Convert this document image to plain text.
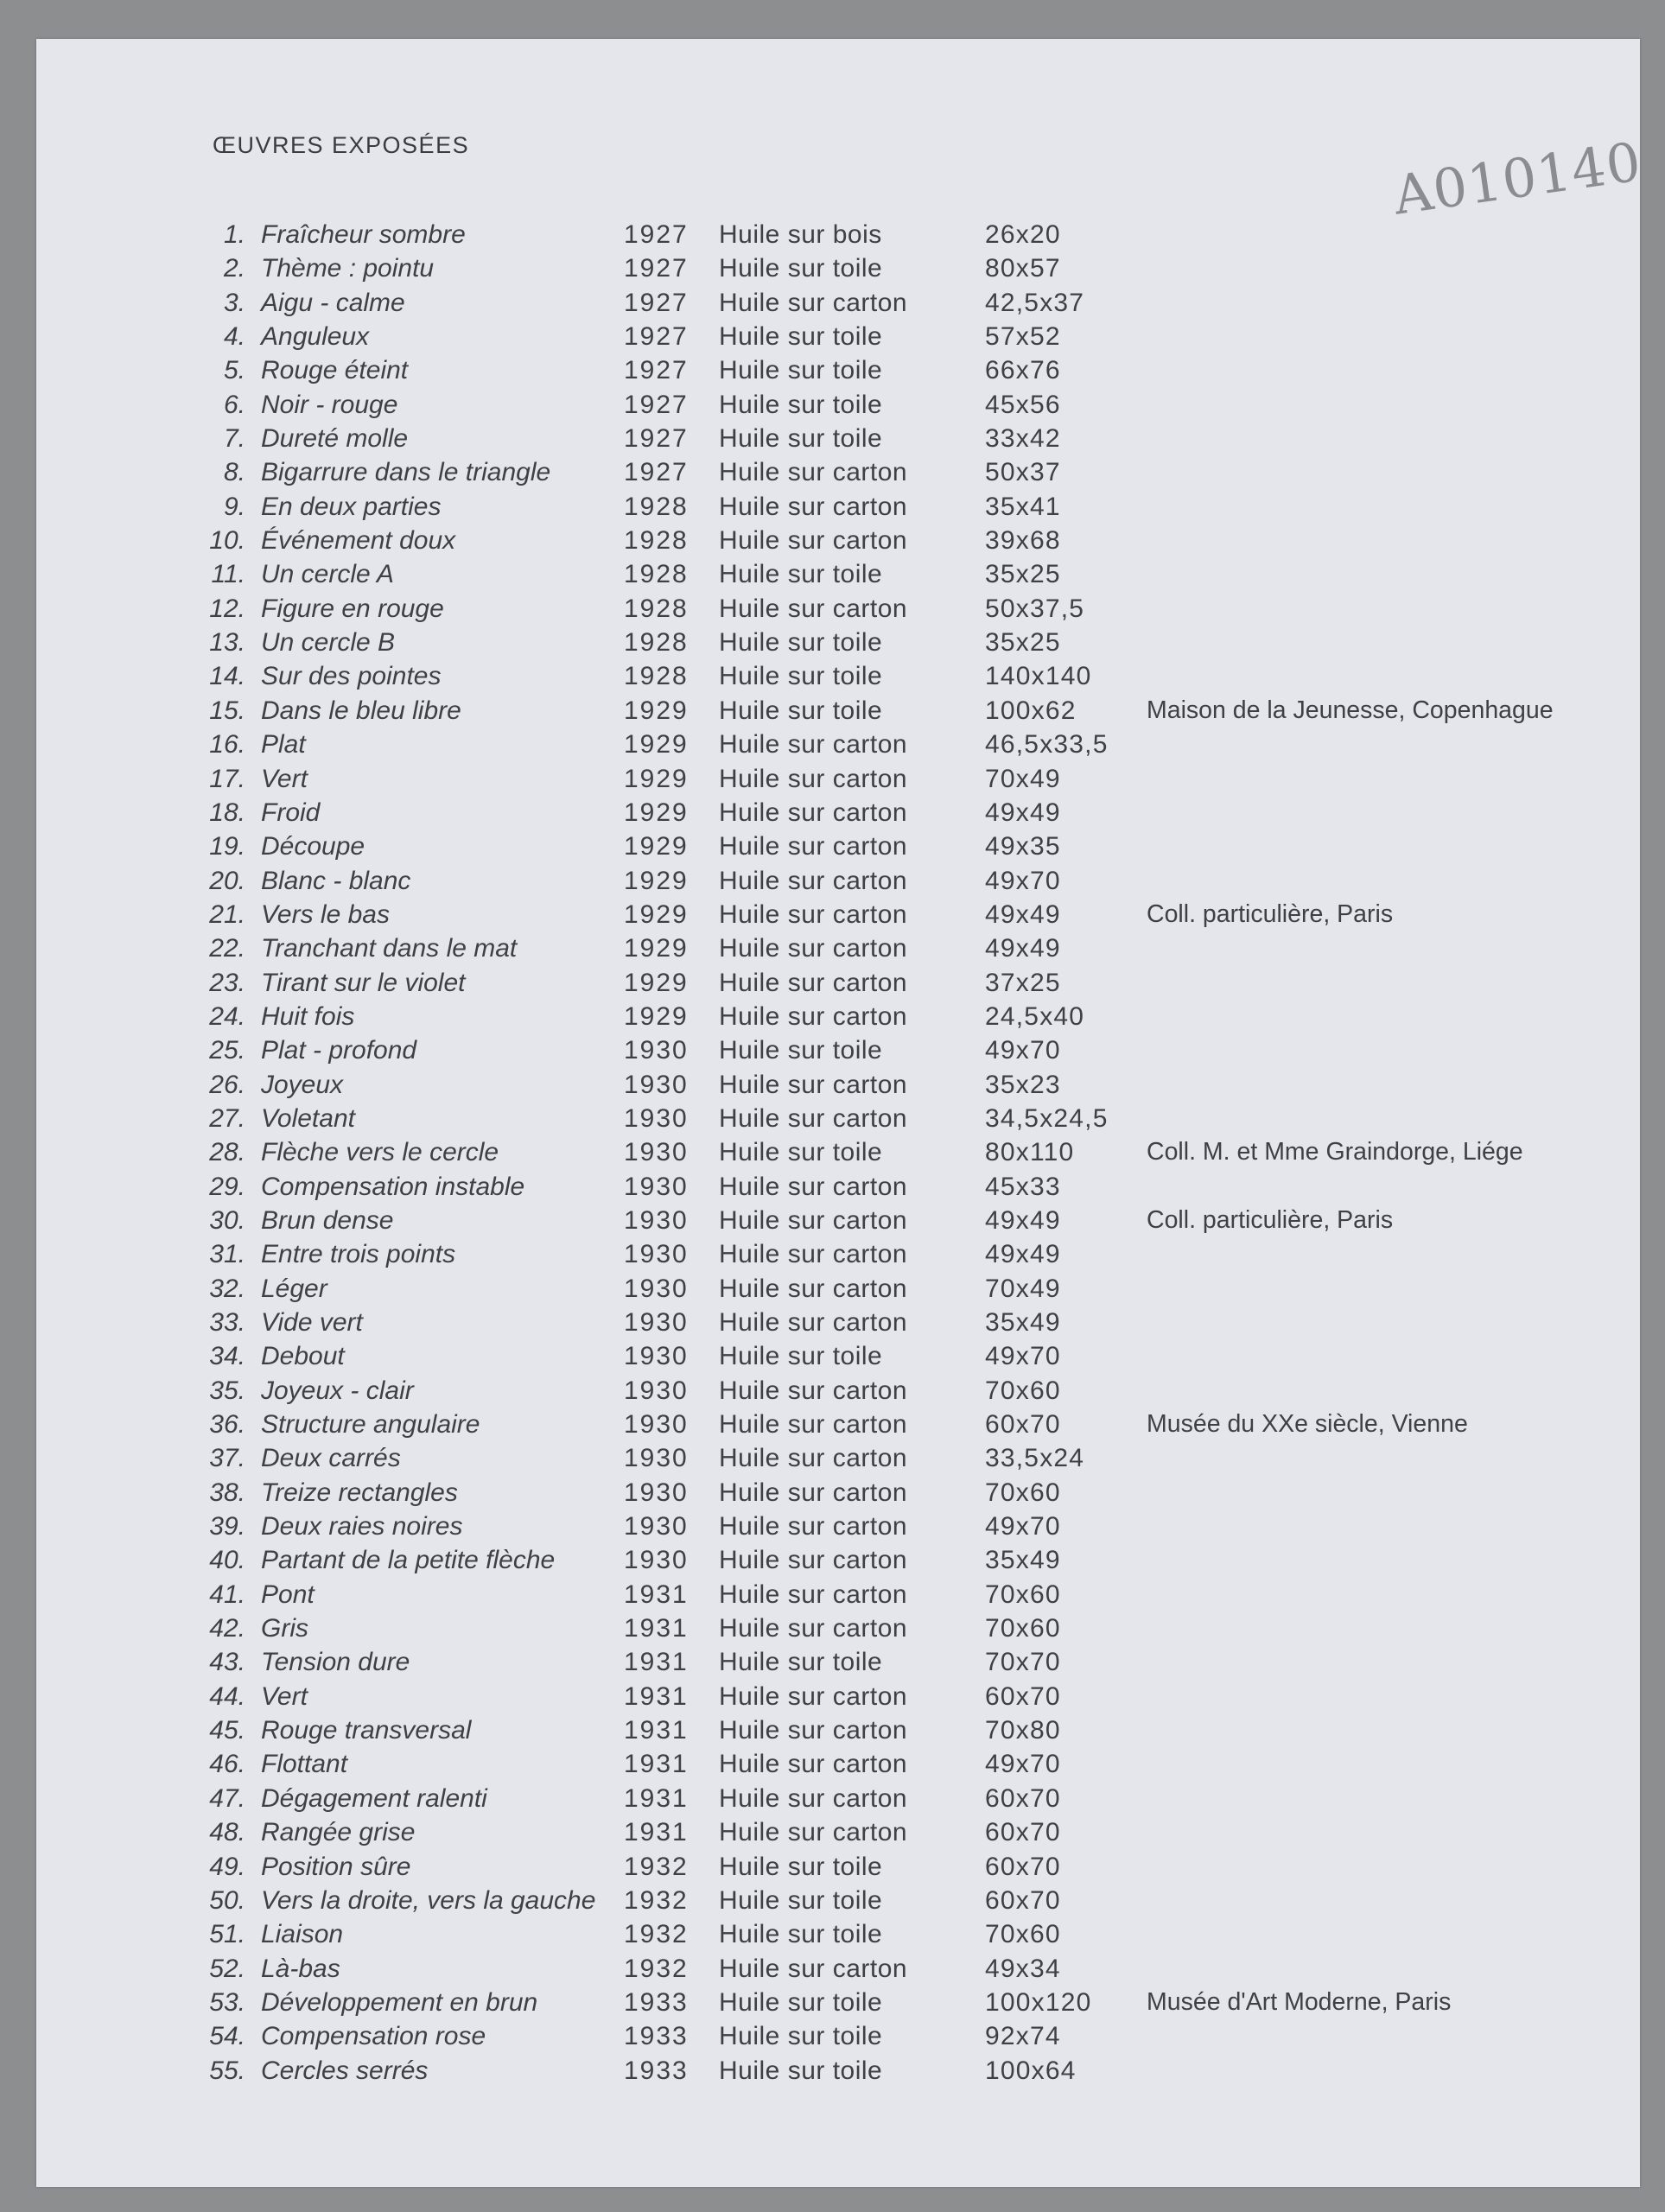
ŒUVRES EXPOSÉES	A010140
1. Fraîcheur sombre	1927 Huile sur bois	26x20
2. Thème : pointu	1927 Huile sur toile	80x57
3. Aigu - calme	1927 Huile sur carton	42,5x37
4. Anguleux	1927 Huile sur toile	57x52
5. Rouge éteint	1927 Huile sur toile	66x76
6. Noir - rouge	1927 Huile sur toile	45x56
7. Dureté molle	1927 Huile sur toile	33x42
8. Bigarrure dans le triangle	1927 Huile sur carton	50x37
9. En deux parties	1928 Huile sur carton	35x41
10. Événement doux	1928 Huile sur carton	39x68
11. Un cercle A	1928 Huile sur toile	35x25
12. Figure en rouge	1928 Huile sur carton	50x37,5
13. Un cercle B	1928 Huile sur toile	35x25
14. Sur des pointes	1928 Huile sur toile	140x140
15. Dans le bleu libre	1929 Huile sur toile	100x62	Maison de la Jeunesse, Copenhague
16. Plat	1929 Huile sur carton	46,5x33,5
17. Vert	1929 Huile sur carton	70x49
18. Froid	1929 Huile sur carton	49x49
19. Découpe	1929 Huile sur carton	49x35
20. Blanc - blanc	1929 Huile sur carton	49x70
21. Vers le bas	1929 Huile sur carton	49x49	Coll. particulière, Paris
22. Tranchant dans le mat	1929 Huile sur carton	49x49
23. Tirant sur le violet	1929 Huile sur carton	37x25
24. Huit fois	1929 Huile sur carton	24,5x40
25. Plat - profond	1930 Huile sur toile	49x70
26. Joyeux	1930 Huile sur carton	35x23
27. Voletant	1930 Huile sur carton	34,5x24,5
28. Flèche vers le cercle	1930 Huile sur toile	80x110	Coll. M. et Mme Graindorge, Liége
29. Compensation instable	1930 Huile sur carton	45x33
30. Brun dense	1930 Huile sur carton	49x49	Coll. particulière, Paris
31. Entre trois points	1930 Huile sur carton	49x49
32. Léger	1930 Huile sur carton	70x49
33. Vide vert	1930 Huile sur carton	35x49
34. Debout	1930 Huile sur toile	49x70
35. Joyeux - clair	1930 Huile sur carton	70x60
36. Structure angulaire	1930 Huile sur carton	60x70	Musée du XXe siècle, Vienne
37. Deux carrés	1930 Huile sur carton	33,5x24
38. Treize rectangles	1930 Huile sur carton	70x60
39. Deux raies noires	1930 Huile sur carton	49x70
40. Partant de la petite flèche	1930 Huile sur carton	35x49
41. Pont	1931 Huile sur carton	70x60
42. Gris	1931 Huile sur carton	70x60
43. Tension dure	1931 Huile sur toile	70x70
44. Vert	1931 Huile sur carton	60x70
45. Rouge transversal	1931 Huile sur carton	70x80
46. Flottant	1931 Huile sur carton	49x70
47. Dégagement ralenti	1931 Huile sur carton	60x70
48. Rangée grise	1931 Huile sur carton	60x70
49. Position sûre	1932 Huile sur toile	60x70
50. Vers la droite, vers la gauche 1932 Huile sur toile	60x70
51. Liaison	1932 Huile sur toile	70x60
52. Là-bas	1932 Huile sur carton	49x34
53. Développement en brun	1933 Huile sur toile	100x120 Musée d'Art Moderne, Paris
54. Compensation rose	1933 Huile sur toile	92x74
55. Cercles serrés	1933 Huile sur toile	100x64
